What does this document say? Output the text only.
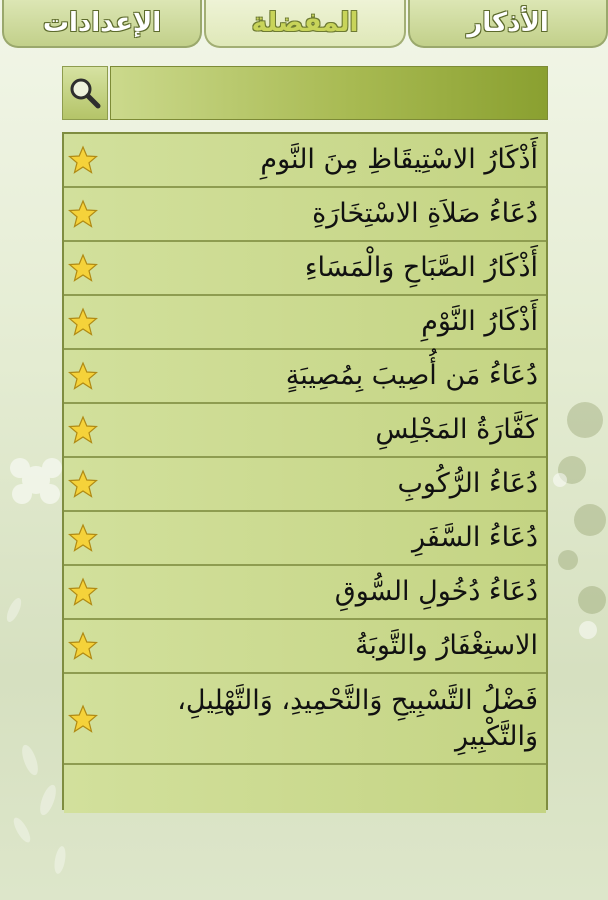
الإعدادات	المفضلة	الأذكار
أَذْكَارُ الاسْتِيقَاظِ مِنَ النَّومِ
دُعَاءُ صَلاَةِ الاسْتِخَارَةِ
أَذْكَارُ الصَّبَاحِ وَالْمَسَاءِ
أَذْكَارُ النَّوْمِ
دُعَاءُ مَن أُصِيبَ بِمُصِيبَةٍ
كَفَّارَةُ المَجْلِسِ
دُعَاءُ الرُّكُوبِ
دُعَاءُ السَّفَرِ
دُعَاءُ دُخُولِ السُّوقِ
الاستِغْفَارُ والتَّوبَةُ
فَضْلُ التَّسْبِيحِ وَالتَّحْمِيدِ، وَالتَّهْلِيلِ، وَالتَّكْبِيرِ
